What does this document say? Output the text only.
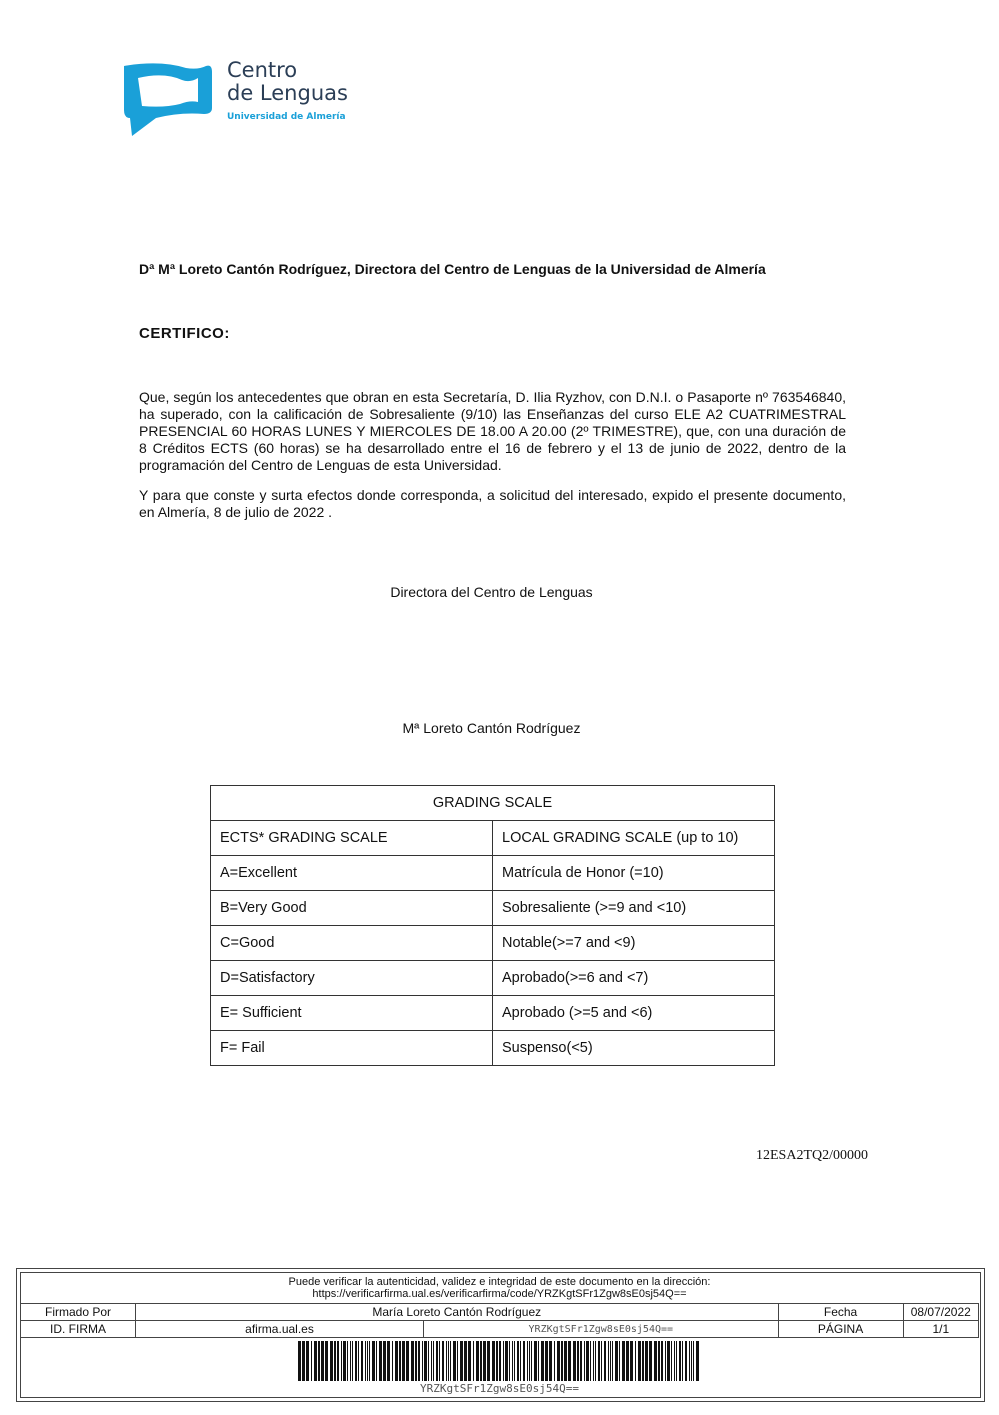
Centro
de Lenguas
Universidad de Almería
Dª Mª Loreto Cantón Rodríguez, Directora del Centro de Lenguas de la Universidad de Almería
CERTIFICO:
Que, según los antecedentes que obran en esta Secretaría, D. Ilia Ryzhov, con D.N.I. o Pasaporte nº 763546840, ha superado, con la calificación de Sobresaliente (9/10) las Enseñanzas del curso ELE A2 CUATRIMESTRAL PRESENCIAL 60 HORAS LUNES Y MIERCOLES DE 18.00 A 20.00 (2º TRIMESTRE), que, con una duración de 8 Créditos ECTS (60 horas) se ha desarrollado entre el 16 de febrero y el 13 de junio de 2022, dentro de la programación del Centro de Lenguas de esta Universidad.
Y para que conste y surta efectos donde corresponda, a solicitud del interesado, expido el presente documento, en Almería, 8 de julio de 2022 .
Directora del Centro de Lenguas
Mª Loreto Cantón Rodríguez
GRADING SCALE	
ECTS* GRADING SCALE	LOCAL GRADING SCALE (up to 10)
A=Excellent	Matrícula de Honor (=10)
B=Very Good	Sobresaliente (>=9 and <10)
C=Good	Notable(>=7 and <9)
D=Satisfactory	Aprobado(>=6 and <7)
E= Sufficient	Aprobado (>=5 and <6)
F= Fail	Suspenso(<5)
12ESA2TQ2/00000
Puede verificar la autenticidad, validez e integridad de este documento en la dirección:
https://verificarfirma.ual.es/verificarfirma/code/YRZKgtSFr1Zgw8sE0sj54Q==
Firmado Por	María Loreto Cantón Rodríguez		Fecha	08/07/2022
ID. FIRMA	afirma.ual.es	YRZKgtSFr1Zgw8sE0sj54Q==	PÁGINA	1/1
YRZKgtSFr1Zgw8sE0sj54Q==
